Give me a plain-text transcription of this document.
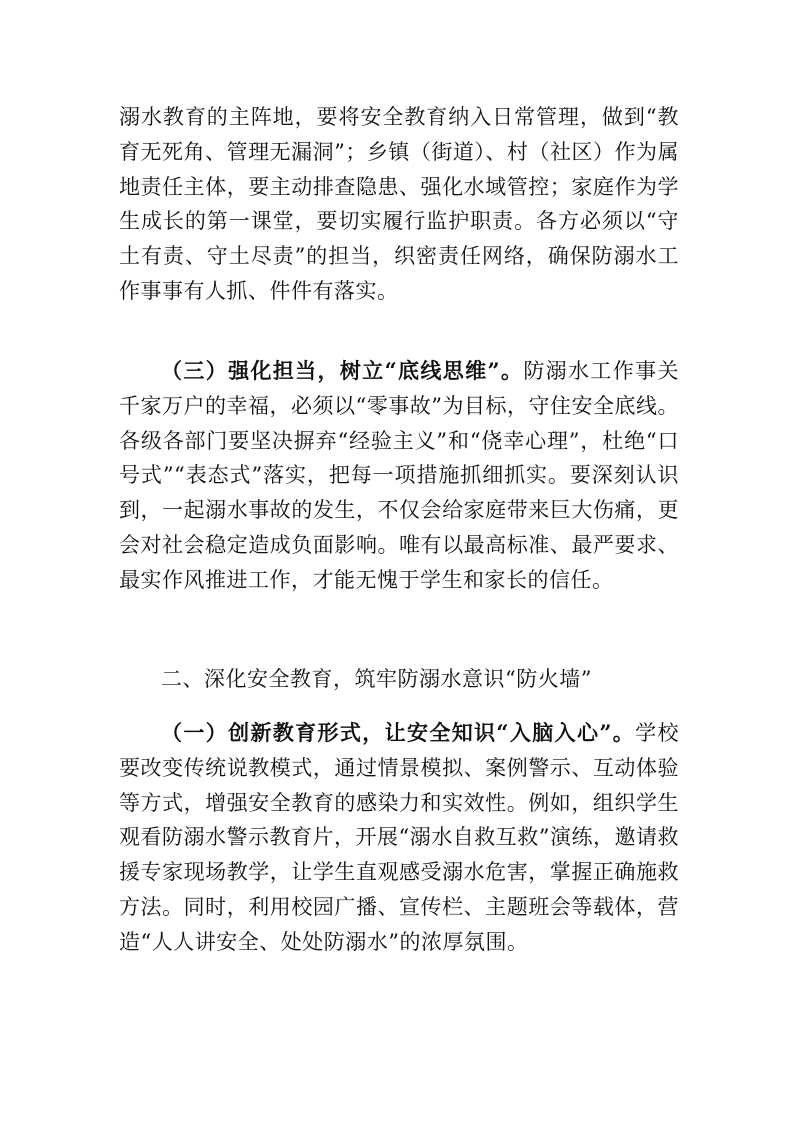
溺水教育的主阵地，要将安全教育纳入日常管理，做到“教育无死角、管理无漏洞”；乡镇（街道）、村（社区）作为属地责任主体，要主动排查隐患、强化水域管控；家庭作为学生成长的第一课堂，要切实履行监护职责。各方必须以“守土有责、守土尽责”的担当，织密责任网络，确保防溺水工作事事有人抓、件件有落实。

（三）强化担当，树立“底线思维”。防溺水工作事关千家万户的幸福，必须以“零事故”为目标，守住安全底线。各级各部门要坚决摒弃“经验主义”和“侥幸心理”，杜绝“口号式”“表态式”落实，把每一项措施抓细抓实。要深刻认识到，一起溺水事故的发生，不仅会给家庭带来巨大伤痛，更会对社会稳定造成负面影响。唯有以最高标准、最严要求、最实作风推进工作，才能无愧于学生和家长的信任。

二、深化安全教育，筑牢防溺水意识“防火墙”

（一）创新教育形式，让安全知识“入脑入心”。学校要改变传统说教模式，通过情景模拟、案例警示、互动体验等方式，增强安全教育的感染力和实效性。例如，组织学生观看防溺水警示教育片，开展“溺水自救互救”演练，邀请救援专家现场教学，让学生直观感受溺水危害，掌握正确施救方法。同时，利用校园广播、宣传栏、主题班会等载体，营造“人人讲安全、处处防溺水”的浓厚氛围。
